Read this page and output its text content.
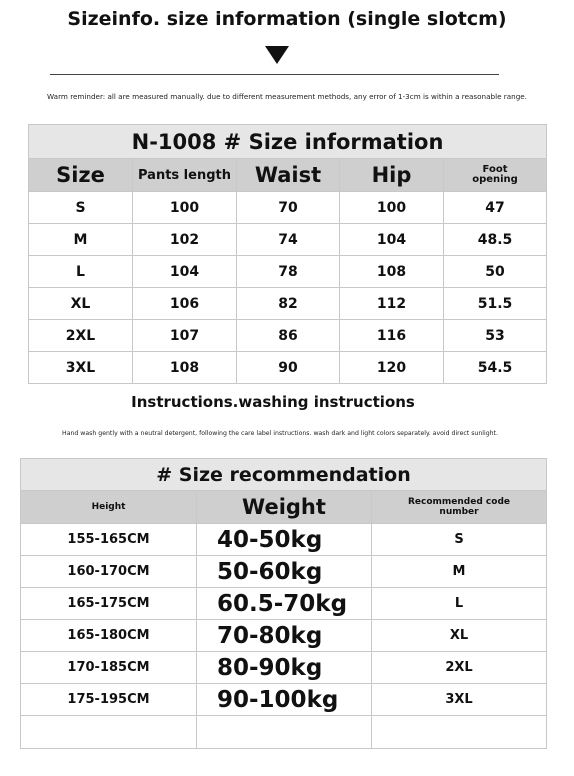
Sizeinfo. size information (single slotcm)
Warm reminder: all are measured manually. due to different measurement methods, any error of 1-3cm is within a reasonable range.
N-1008 # Size information				
Size	Pants length	Waist	Hip	Foot opening

S	100	70	100	47
M	102	74	104	48.5
L	104	78	108	50
XL	106	82	112	51.5
2XL	107	86	116	53
3XL	108	90	120	54.5
Instructions.washing instructions
Hand wash gently with a neutral detergent, following the care label instructions. wash dark and light colors separately. avoid direct sunlight.
# Size recommendation		
Height	Weight	Recommended code number

155-165CM	40-50kg	S
160-170CM	50-60kg	M
165-175CM	60.5-70kg	L
165-180CM	70-80kg	XL
170-185CM	80-90kg	2XL
175-195CM	90-100kg	3XL
